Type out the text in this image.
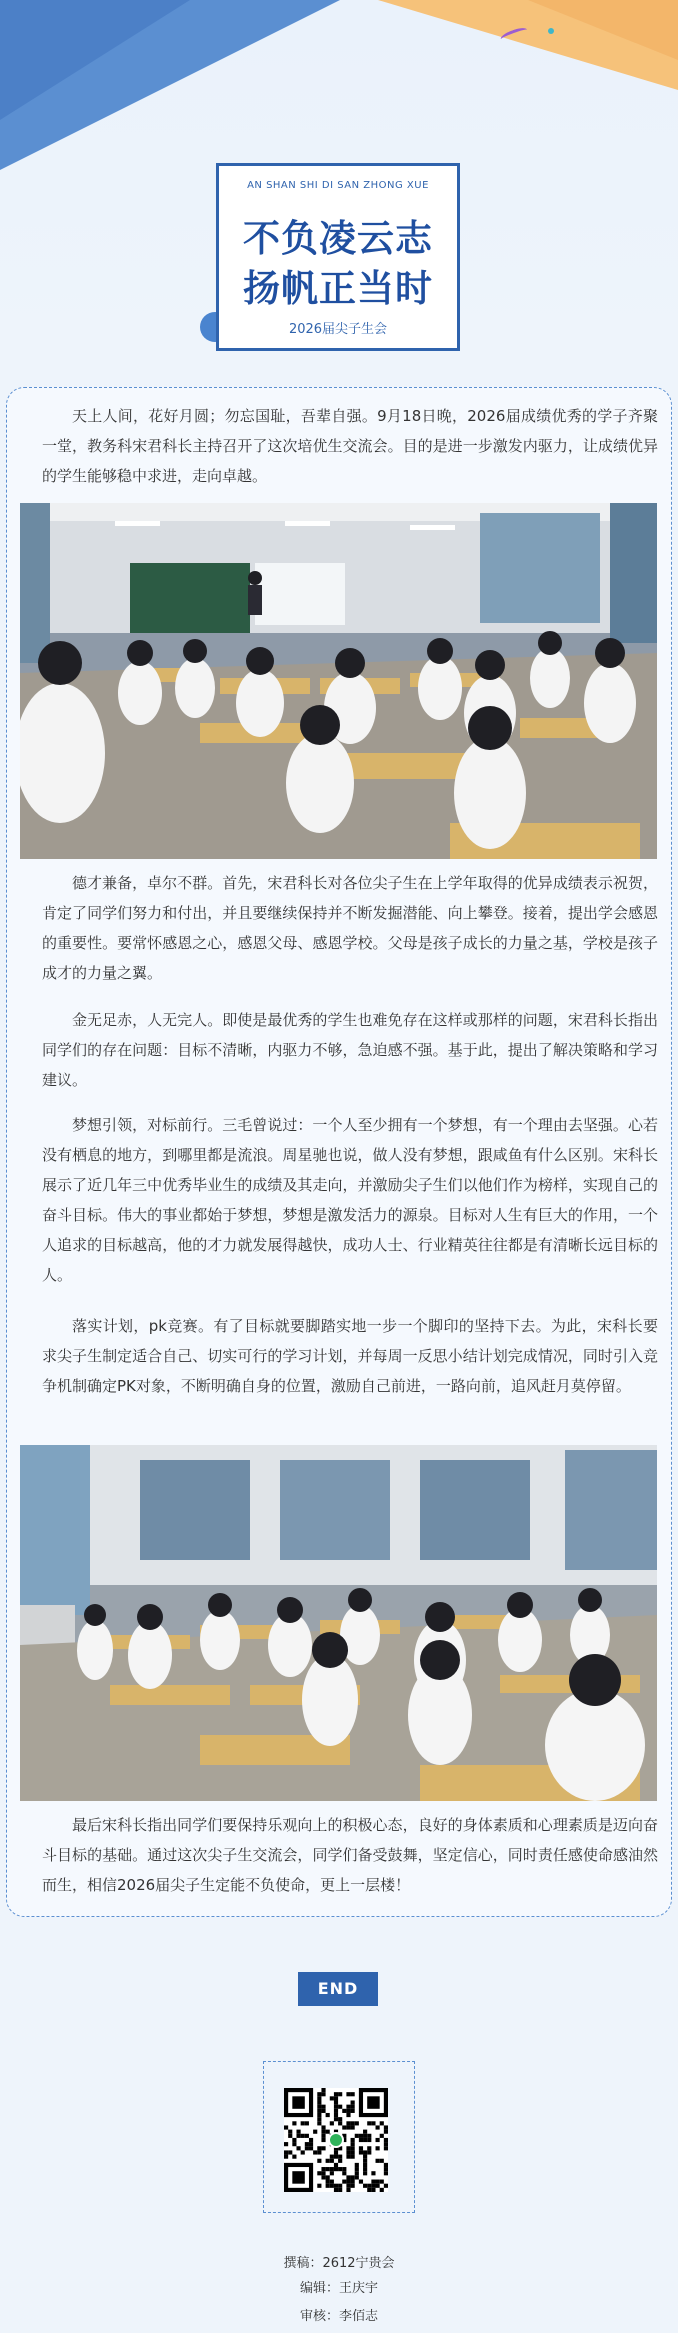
AN SHAN SHI DI SAN ZHONG XUE
不负凌云志
扬帆正当时
2026届尖子生会

天上人间，花好月圆；勿忘国耻，吾辈自强。9月18日晚，2026届成绩优秀的学子齐聚一堂，教务科宋君科长主持召开了这次培优生交流会。目的是进一步激发内驱力，让成绩优异的学生能够稳中求进，走向卓越。

德才兼备，卓尔不群。首先，宋君科长对各位尖子生在上学年取得的优异成绩表示祝贺，肯定了同学们努力和付出，并且要继续保持并不断发掘潜能、向上攀登。接着，提出学会感恩的重要性。要常怀感恩之心，感恩父母、感恩学校。父母是孩子成长的力量之基，学校是孩子成才的力量之翼。

金无足赤，人无完人。即使是最优秀的学生也难免存在这样或那样的问题，宋君科长指出同学们的存在问题：目标不清晰，内驱力不够，急迫感不强。基于此，提出了解决策略和学习建议。

梦想引领，对标前行。三毛曾说过：一个人至少拥有一个梦想，有一个理由去坚强。心若没有栖息的地方，到哪里都是流浪。周星驰也说，做人没有梦想，跟咸鱼有什么区别。宋科长展示了近几年三中优秀毕业生的成绩及其走向，并激励尖子生们以他们作为榜样，实现自己的奋斗目标。伟大的事业都始于梦想，梦想是激发活力的源泉。目标对人生有巨大的作用，一个人追求的目标越高，他的才力就发展得越快，成功人士、行业精英往往都是有清晰长远目标的人。

落实计划，pk竞赛。有了目标就要脚踏实地一步一个脚印的坚持下去。为此，宋科长要求尖子生制定适合自己、切实可行的学习计划，并每周一反思小结计划完成情况，同时引入竞争机制确定PK对象，不断明确自身的位置，激励自己前进，一路向前，追风赶月莫停留。

最后宋科长指出同学们要保持乐观向上的积极心态，良好的身体素质和心理素质是迈向奋斗目标的基础。通过这次尖子生交流会，同学们备受鼓舞，坚定信心，同时责任感使命感油然而生，相信2026届尖子生定能不负使命，更上一层楼！

END
撰稿：2612宁贵会
编辑：王庆宇
审核：李佰志
